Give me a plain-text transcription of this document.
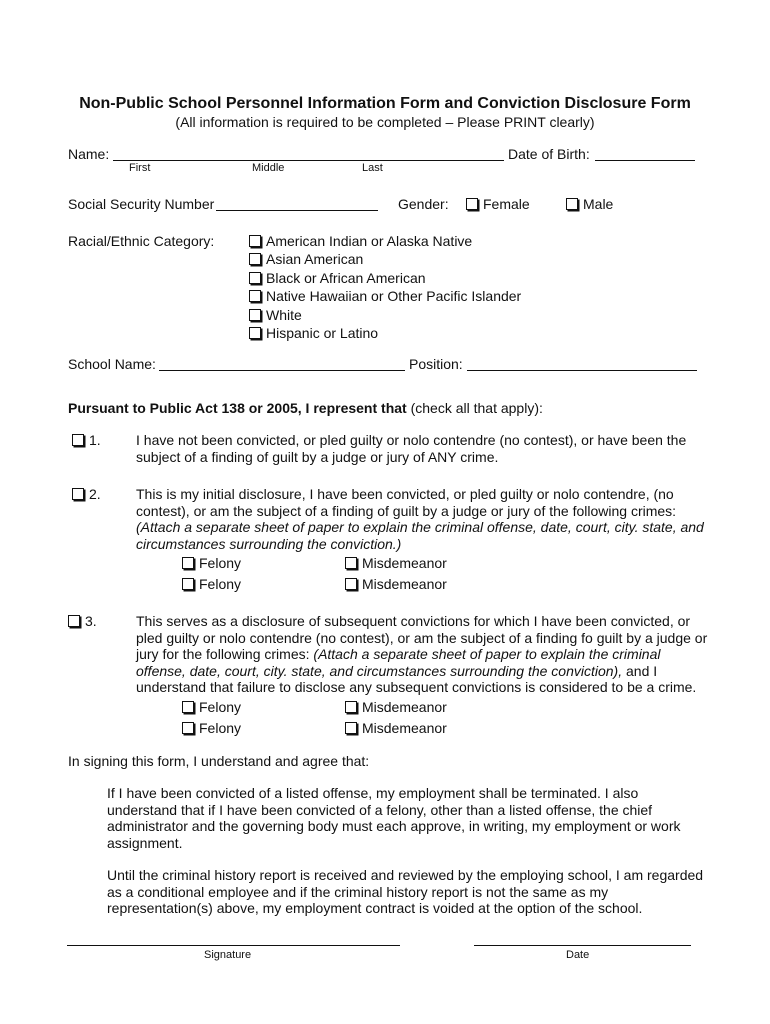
Non-Public School Personnel Information Form and Conviction Disclosure Form
(All information is required to be completed – Please PRINT clearly)
Name:	Date of Birth:
First	Middle	Last
Social Security Number	Gender:	Female	Male
Racial/Ethnic Category:	American Indian or Alaska Native
Asian American
Black or African American
Native Hawaiian or Other Pacific Islander
White
Hispanic or Latino
School Name:	Position:
Pursuant to Public Act 138 or 2005, I represent that (check all that apply):
1.	I have not been convicted, or pled guilty or nolo contendre (no contest), or have been the subject of a finding of guilt by a judge or jury of ANY crime.
2.	This is my initial disclosure, I have been convicted, or pled guilty or nolo contendre, (no contest), or am the subject of a finding of guilt by a judge or jury of the following crimes: (Attach a separate sheet of paper to explain the criminal offense, date, court, city. state, and circumstances surrounding the conviction.)
Felony	Misdemeanor
Felony	Misdemeanor
3.	This serves as a disclosure of subsequent convictions for which I have been convicted, or pled guilty or nolo contendre (no contest), or am the subject of a finding fo guilt by a judge or jury for the following crimes: (Attach a separate sheet of paper to explain the criminal offense, date, court, city. state, and circumstances surrounding the conviction), and I understand that failure to disclose any subsequent convictions is considered to be a crime.
Felony	Misdemeanor
Felony	Misdemeanor
In signing this form, I understand and agree that:
If I have been convicted of a listed offense, my employment shall be terminated. I also understand that if I have been convicted of a felony, other than a listed offense, the chief administrator and the governing body must each approve, in writing, my employment or work assignment.
Until the criminal history report is received and reviewed by the employing school, I am regarded as a conditional employee and if the criminal history report is not the same as my representation(s) above, my employment contract is voided at the option of the school.
Signature	Date
